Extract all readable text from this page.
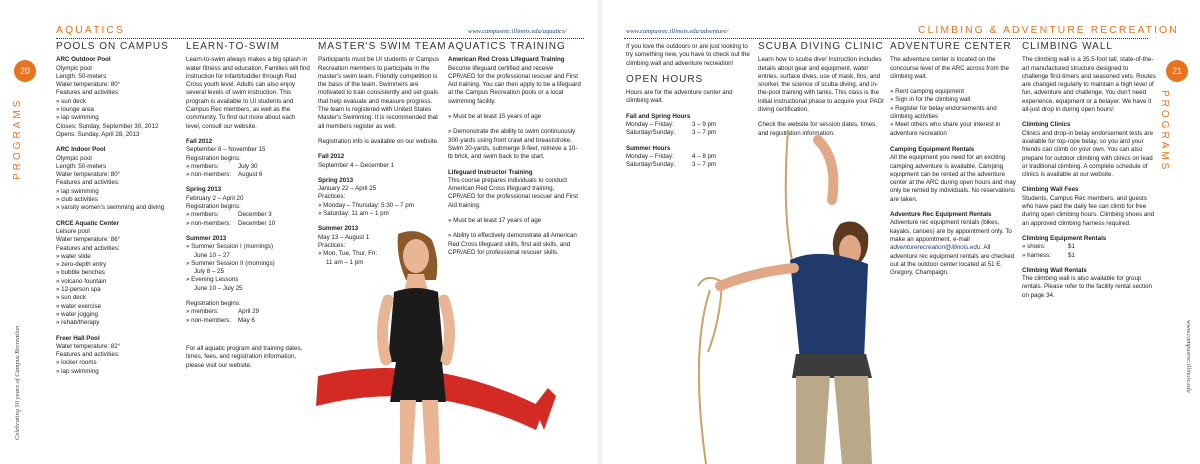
AQUATICS	www.campusrec.illinois.edu/aquatics/
20
PROGRAMS
Celebrating 50 years of Campus Recreation
POOLS ON CAMPUS
ARC Outdoor Pool
Olympic pool
Length: 50-meters
Water temperature: 80°
Features and activities:
» sun deck
» lounge area
» lap swimming
Closes: Sunday, September 30, 2012
Opens: Sunday, April 28, 2013
ARC Indoor Pool
Olympic pool
Length: 50-meters
Water temperature: 80°
Features and activities:
» lap swimming
» club activities
» varsity women's swimming and diving
CRCE Aquatic Center
Leisure pool
Water temperature: 86°
Features and activities:
» water slide
» zero-depth entry
» bubble benches
» volcano fountain
» 12-person spa
» sun deck
» water exercise
» water jogging
» rehab/therapy
Freer Hall Pool
Water temperature: 82°
Features and activities:
» locker rooms
» lap swimming
LEARN-TO-SWIM
Learn-to-swim always makes a big splash in water fitness and education. Families will find instruction for infant/toddler through Red Cross youth level. Adults can also enjoy several levels of swim instruction. This program is available to UI students and Campus Rec members, as well as the community. To find out more about each level, consult our website.
Fall 2012
September 8 – November 15
Registration begins:
» members:	July 30
» non-members:	August 6
Spring 2013
February 2 – April 20
Registration begins:
» members:	December 3
» non-members:	December 10
Summer 2013
» Summer Session I (mornings)
June 10 – 27
» Summer Session II (mornings)
July 8 – 25
» Evening Lessons
June 10 – July 25
Registration begins:
» members:	April 29
» non-members:	May 6
For all aquatic program and training dates, times, fees, and registration information, please visit our website.
MASTER'S SWIM TEAM
Participants must be UI students or Campus Recreation members to participate in the master's swim team. Friendly competition is the basis of the team. Swimmers are motivated to train consistently and set goals that help evaluate and measure progress. The team is registered with United States Master's Swimming. It is recommended that all members register as well.
Registration info is available on our website.
Fall 2012
September 4 – December 1
Spring 2013
January 22 – April 25
Practices:
» Monday – Thursday: 5:30 – 7 pm
» Saturday: 11 am – 1 pm
Summer 2013
May 13 – August 1
Practices:
» Mon, Tue, Thur, Fri:
11 am – 1 pm
AQUATICS TRAINING
American Red Cross Lifeguard Training
Become lifeguard certified and receive CPR/AED for the professional rescuer and First Aid training. You can then apply to be a lifeguard at the Campus Recreation pools or a local swimming facility.
» Must be at least 15 years of age
» Demonstrate the ability to swim continuously 300-yards using front crawl and breaststroke. Swim 20-yards, submerge 9-feet, retrieve a 10-lb brick, and swim back to the start.
Lifeguard Instructor Training
This course prepares individuals to conduct American Red Cross lifeguard training, CPR/AED for the professional rescuer and First Aid training.
» Must be at least 17 years of age
» Ability to effectively demonstrate all American Red Cross lifeguard skills, first aid skills, and CPR/AED for professional rescuer skills.
www.campusrec.illinois.edu/adventure/	CLIMBING & ADVENTURE RECREATION
21
PROGRAMS
www.campusrec.illinois.edu
If you love the outdoors or are just looking to try something new, you have to check out the climbing wall and adventure recreation!
OPEN HOURS
Hours are for the adventure center and climbing wall.
Fall and Spring Hours
Monday – Friday:	3 – 9 pm
Saturday/Sunday:	3 – 7 pm
Summer Hours
Monday – Friday:	4 – 8 pm
Saturday/Sunday:	3 – 7 pm
SCUBA DIVING CLINIC
Learn how to scuba dive! Instruction includes details about gear and equipment, water entries, surface dives, use of mask, fins, and snorkel, the science of scuba diving, and in-the-pool training with tanks. This class is the initial instructional phase to acquire your PADI diving certification.
Check the website for session dates, times, and registration information.
ADVENTURE CENTER
The adventure center is located on the concourse level of the ARC across from the climbing wall.
» Rent camping equipment
» Sign in for the climbing wall
» Register for belay endorsements and climbing activities
» Meet others who share your interest in adventure recreation
Camping Equipment Rentals
All the equipment you need for an exciting camping adventure is available. Camping equipment can be rented at the adventure center at the ARC during open hours and may only be rented by individuals. No reservations are taken.
Adventure Rec Equipment Rentals
Adventure rec equipment rentals (bikes, kayaks, canoes) are by appointment only. To make an appointment, e-mail adventurerecreation@illinois.edu. All adventure rec equipment rentals are checked out at the outdoor center located at 51 E. Gregory, Champaign.
CLIMBING WALL
The climbing wall is a 35.5-foot tall, state-of-the-art manufactured structure designed to challenge first-timers and seasoned vets. Routes are changed regularly to maintain a high level of fun, adventure and challenge. You don't need experience, equipment or a belayer. We have it all-just drop in during open hours!
Climbing Clinics
Clinics and drop-in belay endorsement tests are available for top-rope belay, so you and your friends can climb on your own. You can also prepare for outdoor climbing with clinics on lead or traditional climbing. A complete schedule of clinics is available at our website.
Climbing Wall Fees
Students, Campus Rec members, and guests who have paid the daily fee can climb for free during open climbing hours. Climbing shoes and an approved climbing harness required.
Climbing Equipment Rentals
» shoes:	$1
» harness:	$1
Climbing Wall Rentals
The climbing wall is also available for group rentals. Please refer to the facility rental section on page 34.
